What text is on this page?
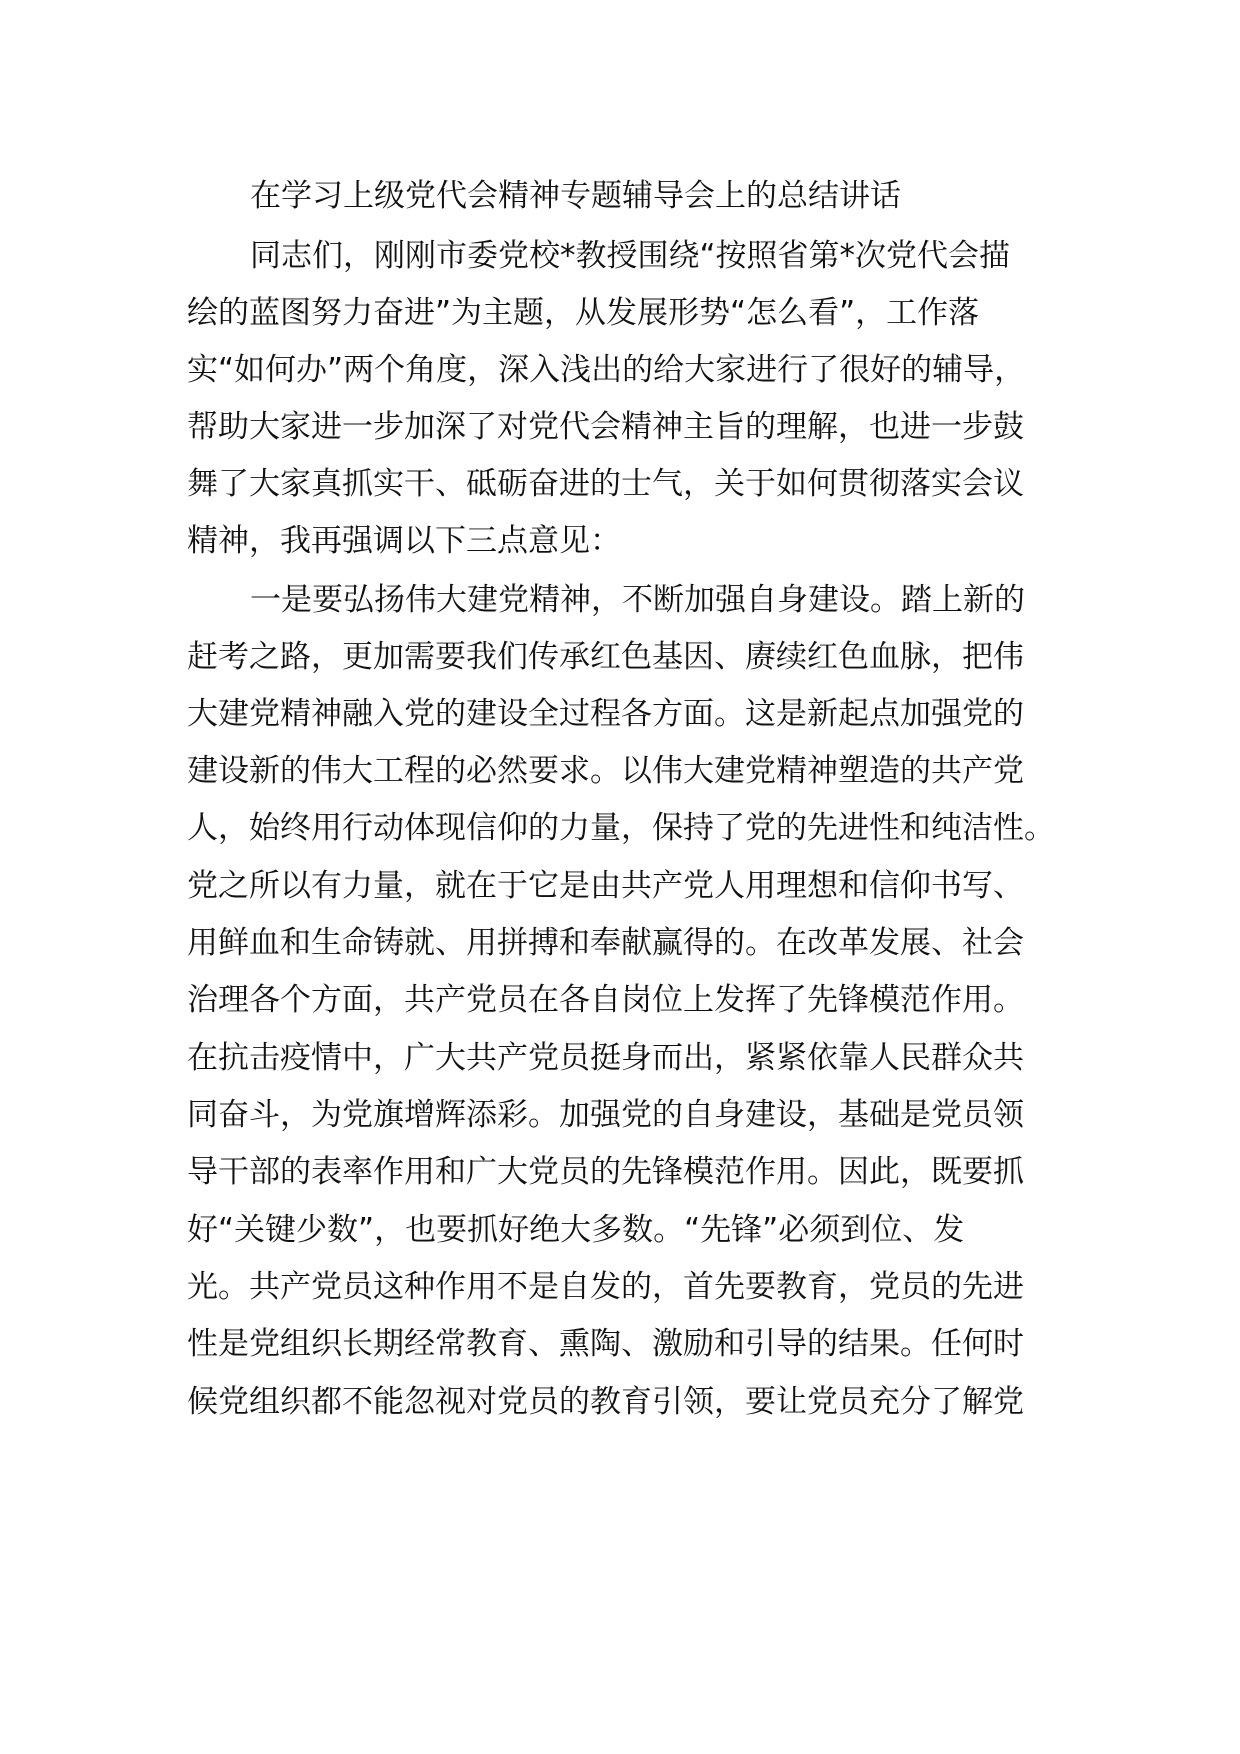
在学习上级党代会精神专题辅导会上的总结讲话
同志们，刚刚市委党校*教授围绕“按照省第*次党代会描
绘的蓝图努力奋进”为主题，从发展形势“怎么看”，工作落
实“如何办”两个角度，深入浅出的给大家进行了很好的辅导，
帮助大家进一步加深了对党代会精神主旨的理解，也进一步鼓
舞了大家真抓实干、砥砺奋进的士气，关于如何贯彻落实会议
精神，我再强调以下三点意见：
一是要弘扬伟大建党精神，不断加强自身建设。踏上新的
赶考之路，更加需要我们传承红色基因、赓续红色血脉，把伟
大建党精神融入党的建设全过程各方面。这是新起点加强党的
建设新的伟大工程的必然要求。以伟大建党精神塑造的共产党
人，始终用行动体现信仰的力量，保持了党的先进性和纯洁性。
党之所以有力量，就在于它是由共产党人用理想和信仰书写、
用鲜血和生命铸就、用拼搏和奉献赢得的。在改革发展、社会
治理各个方面，共产党员在各自岗位上发挥了先锋模范作用。
在抗击疫情中，广大共产党员挺身而出，紧紧依靠人民群众共
同奋斗，为党旗增辉添彩。加强党的自身建设，基础是党员领
导干部的表率作用和广大党员的先锋模范作用。因此，既要抓
好“关键少数”，也要抓好绝大多数。“先锋”必须到位、发
光。共产党员这种作用不是自发的，首先要教育，党员的先进
性是党组织长期经常教育、熏陶、激励和引导的结果。任何时
候党组织都不能忽视对党员的教育引领，要让党员充分了解党
